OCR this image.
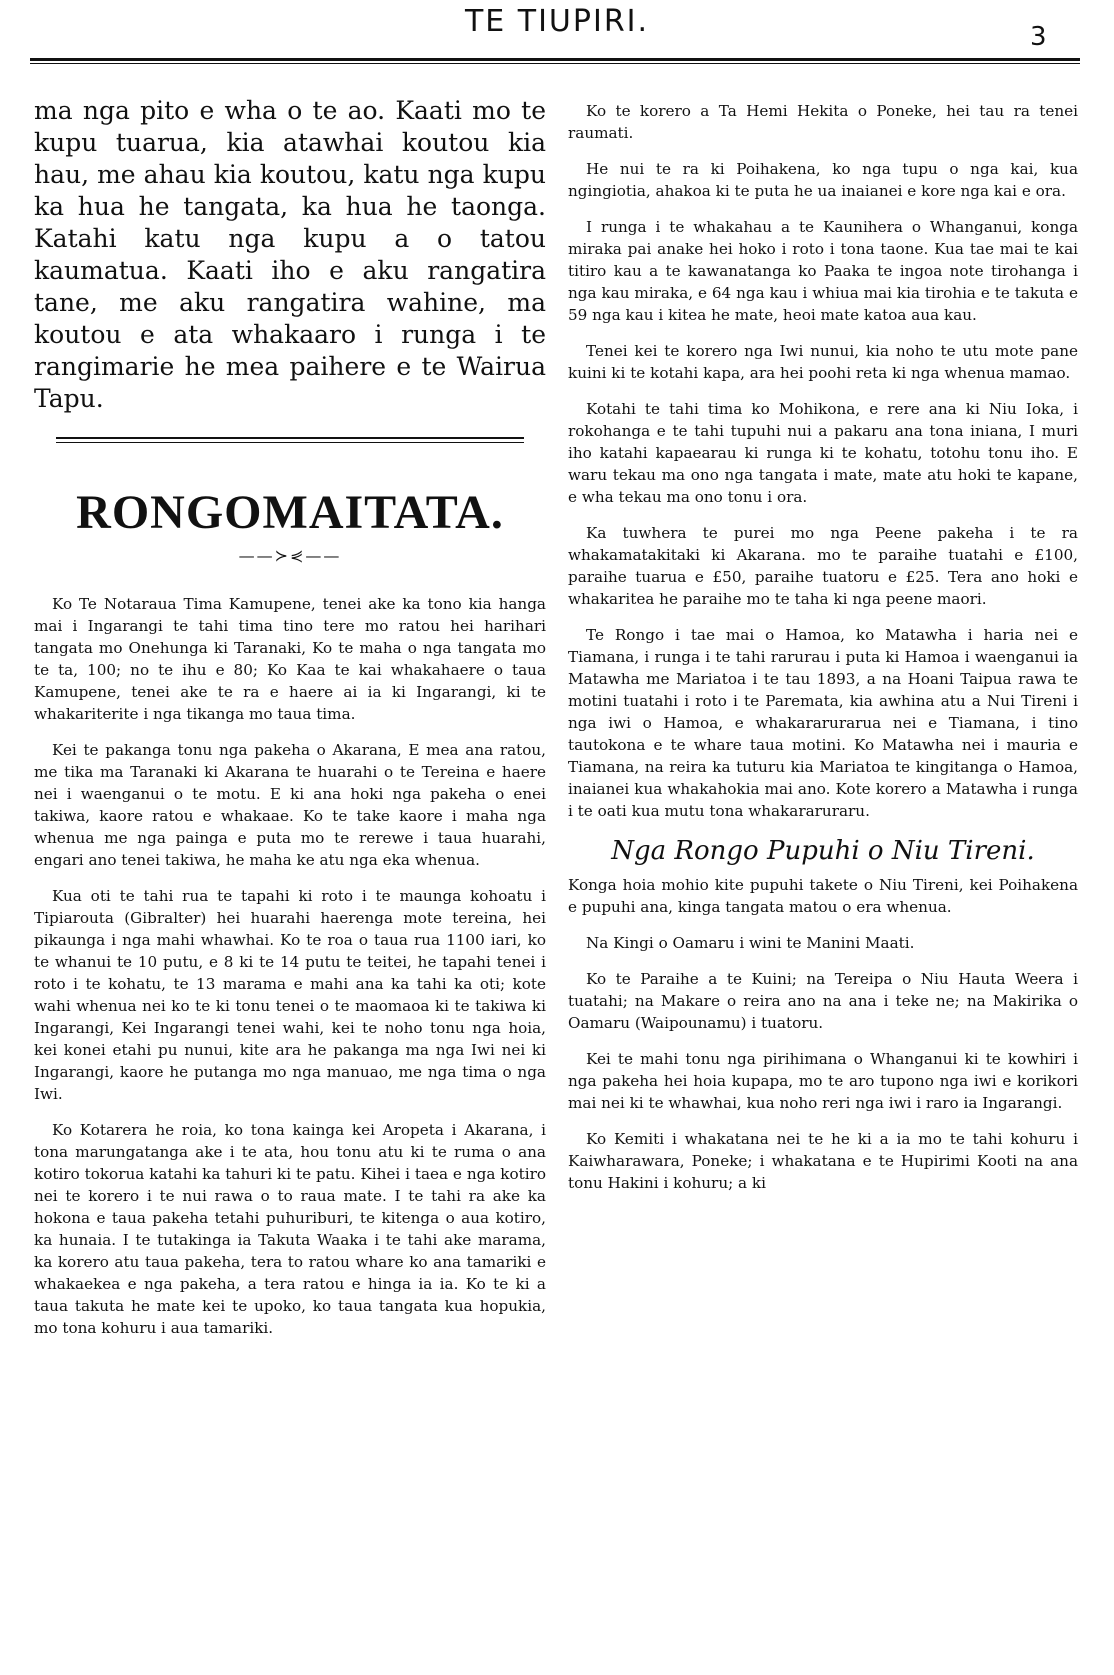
TE TIUPIRI.	3

ma nga pito e wha o te ao. Kaati mo te kupu tuarua, kia atawhai koutou kia hau, me ahau kia koutou, katu nga kupu ka hua he tangata, ka hua he taonga. Katahi katu nga kupu a o tatou kaumatua. Kaati iho e aku rangatira tane, me aku rangatira wahine, ma koutou e ata whakaaro i runga i te rangimarie he mea paihere e te Wairua Tapu.

RONGOMAITATA.
——≻⋞——

Ko Te Notaraua Tima Kamupene, tenei ake ka tono kia hanga mai i Ingarangi te tahi tima tino tere mo ratou hei harihari tangata mo Onehunga ki Taranaki, Ko te maha o nga tangata mo te ta, 100; no te ihu e 80; Ko Kaa te kai whakahaere o taua Kamupene, tenei ake te ra e haere ai ia ki Ingarangi, ki te whakariterite i nga tikanga mo taua tima.

Kei te pakanga tonu nga pakeha o Akarana, E mea ana ratou, me tika ma Taranaki ki Akarana te huarahi o te Tereina e haere nei i waenganui o te motu. E ki ana hoki nga pakeha o enei takiwa, kaore ratou e whakaae. Ko te take kaore i maha nga whenua me nga painga e puta mo te rerewe i taua huarahi, engari ano tenei takiwa, he maha ke atu nga eka whenua.

Kua oti te tahi rua te tapahi ki roto i te maunga kohoatu i Tipiarouta (Gibralter) hei huarahi haerenga mote tereina, hei pikaunga i nga mahi whawhai. Ko te roa o taua rua 1100 iari, ko te whanui te 10 putu, e 8 ki te 14 putu te teitei, he tapahi tenei i roto i te kohatu, te 13 marama e mahi ana ka tahi ka oti; kote wahi whenua nei ko te ki tonu tenei o te maomaoa ki te takiwa ki Ingarangi, Kei Ingarangi tenei wahi, kei te noho tonu nga hoia, kei konei etahi pu nunui, kite ara he pakanga ma nga Iwi nei ki Ingarangi, kaore he putanga mo nga manuao, me nga tima o nga Iwi.

Ko Kotarera he roia, ko tona kainga kei Aropeta i Akarana, i tona marungatanga ake i te ata, hou tonu atu ki te ruma o ana kotiro tokorua katahi ka tahuri ki te patu. Kihei i taea e nga kotiro nei te korero i te nui rawa o to raua mate. I te tahi ra ake ka hokona e taua pakeha tetahi puhuriburi, te kitenga o aua kotiro, ka hunaia. I te tutakinga ia Takuta Waaka i te tahi ake marama, ka korero atu taua pakeha, tera to ratou whare ko ana tamariki e whakaekea e nga pakeha, a tera ratou e hinga ia ia. Ko te ki a taua takuta he mate kei te upoko, ko taua tangata kua hopukia, mo tona kohuru i aua tamariki.

Ko te korero a Ta Hemi Hekita o Poneke, hei tau ra tenei raumati.

He nui te ra ki Poihakena, ko nga tupu o nga kai, kua ngingiotia, ahakoa ki te puta he ua inaianei e kore nga kai e ora.

I runga i te whakahau a te Kaunihera o Whanganui, konga miraka pai anake hei hoko i roto i tona taone. Kua tae mai te kai titiro kau a te kawanatanga ko Paaka te ingoa note tirohanga i nga kau miraka, e 64 nga kau i whiua mai kia tirohia e te takuta e 59 nga kau i kitea he mate, heoi mate katoa aua kau.

Tenei kei te korero nga Iwi nunui, kia noho te utu mote pane kuini ki te kotahi kapa, ara hei poohi reta ki nga whenua mamao.

Kotahi te tahi tima ko Mohikona, e rere ana ki Niu Ioka, i rokohanga e te tahi tupuhi nui a pakaru ana tona iniana, I muri iho katahi kapaearau ki runga ki te kohatu, totohu tonu iho. E waru tekau ma ono nga tangata i mate, mate atu hoki te kapane, e wha tekau ma ono tonu i ora.

Ka tuwhera te purei mo nga Peene pakeha i te ra whakamatakitaki ki Akarana. mo te paraihe tuatahi e £100, paraihe tuarua e £50, paraihe tuatoru e £25. Tera ano hoki e whakaritea he paraihe mo te taha ki nga peene maori.

Te Rongo i tae mai o Hamoa, ko Matawha i haria nei e Tiamana, i runga i te tahi rarurau i puta ki Hamoa i waenganui ia Matawha me Mariatoa i te tau 1893, a na Hoani Taipua rawa te motini tuatahi i roto i te Paremata, kia awhina atu a Nui Tireni i nga iwi o Hamoa, e whakararurarua nei e Tiamana, i tino tautokona e te whare taua motini. Ko Matawha nei i mauria e Tiamana, na reira ka tuturu kia Mariatoa te kingitanga o Hamoa, inaianei kua whakahokia mai ano. Kote korero a Matawha i runga i te oati kua mutu tona whakararuraru.

Nga Rongo Pupuhi o Niu Tireni.

Konga hoia mohio kite pupuhi takete o Niu Tireni, kei Poihakena e pupuhi ana, kinga tangata matou o era whenua.

Na Kingi o Oamaru i wini te Manini Maati.

Ko te Paraihe a te Kuini; na Tereipa o Niu Hauta Weera i tuatahi; na Makare o reira ano na ana i teke ne; na Makirika o Oamaru (Waipounamu) i tuatoru.

Kei te mahi tonu nga pirihimana o Whanganui ki te kowhiri i nga pakeha hei hoia kupapa, mo te aro tupono nga iwi e korikori mai nei ki te whawhai, kua noho reri nga iwi i raro ia Ingarangi.

Ko Kemiti i whakatana nei te he ki a ia mo te tahi kohuru i Kaiwharawara, Poneke; i whakatana e te Hupirimi Kooti na ana tonu Hakini i kohuru; a ki
